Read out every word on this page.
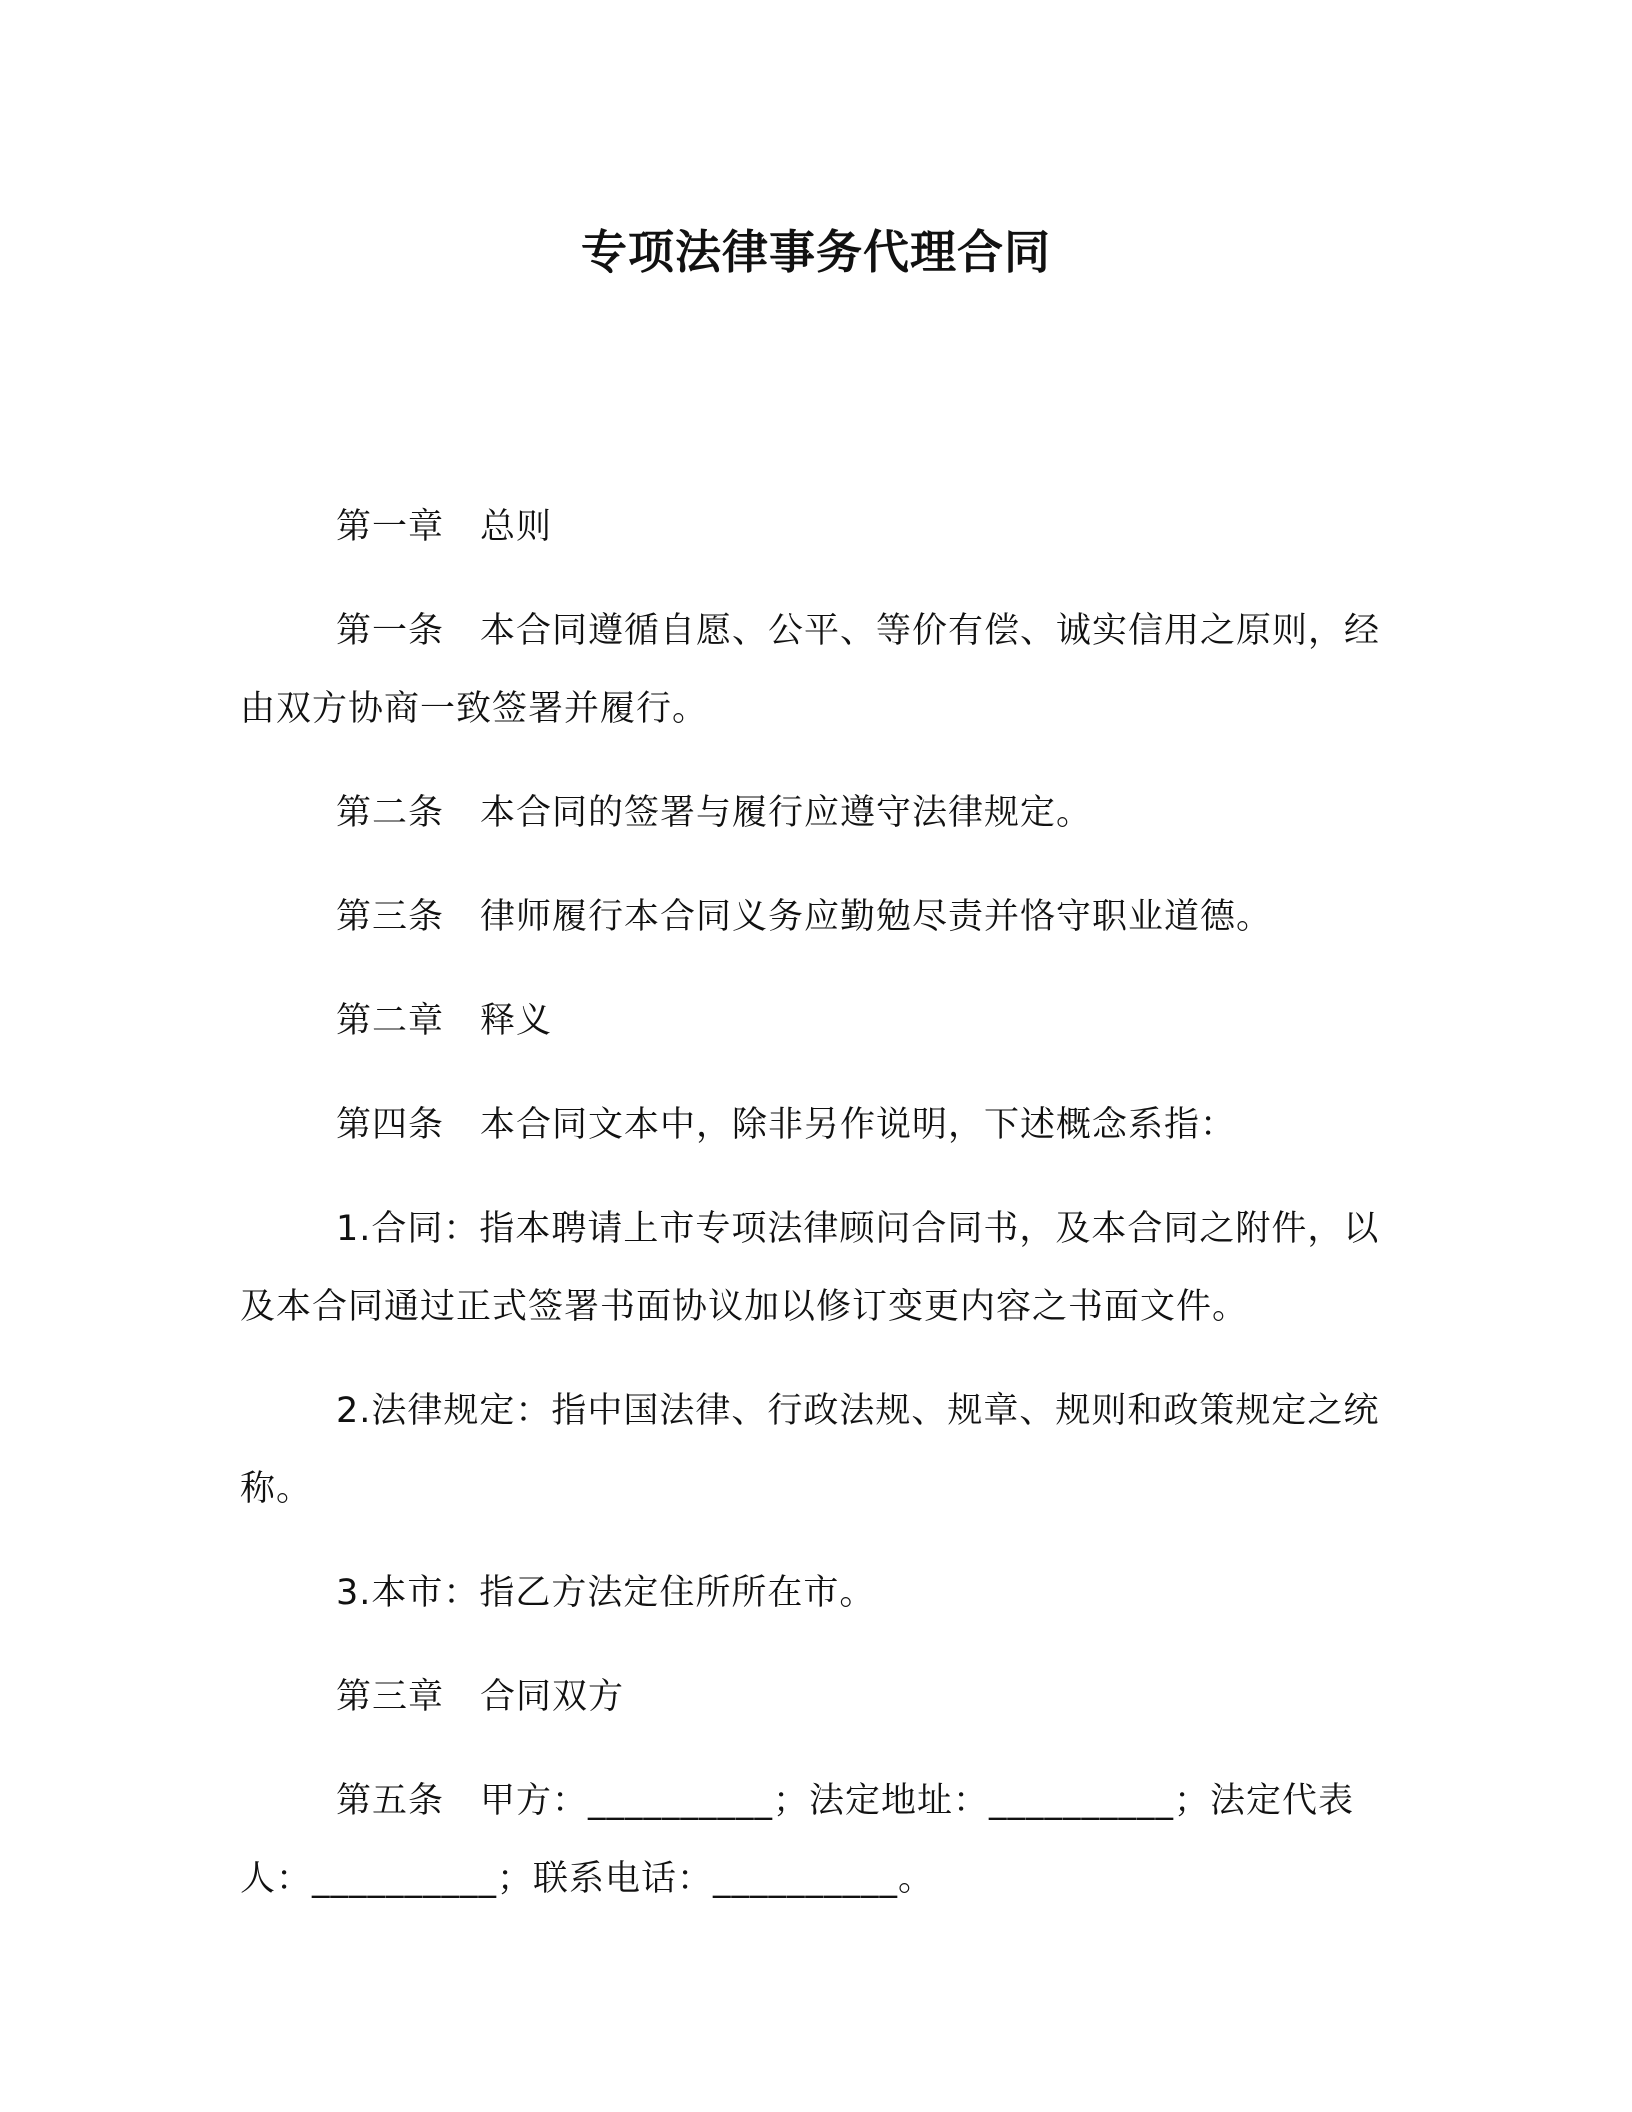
专项法律事务代理合同

第一章 总则

第一条 本合同遵循自愿、公平、等价有偿、诚实信用之原则，经由双方协商一致签署并履行。

第二条 本合同的签署与履行应遵守法律规定。

第三条 律师履行本合同义务应勤勉尽责并恪守职业道德。

第二章 释义

第四条 本合同文本中，除非另作说明，下述概念系指：

1.合同：指本聘请上市专项法律顾问合同书，及本合同之附件，以及本合同通过正式签署书面协议加以修订变更内容之书面文件。

2.法律规定：指中国法律、行政法规、规章、规则和政策规定之统称。

3.本市：指乙方法定住所所在市。

第三章 合同双方

第五条 甲方：__________；法定地址：__________；法定代表人：__________；联系电话：__________。
